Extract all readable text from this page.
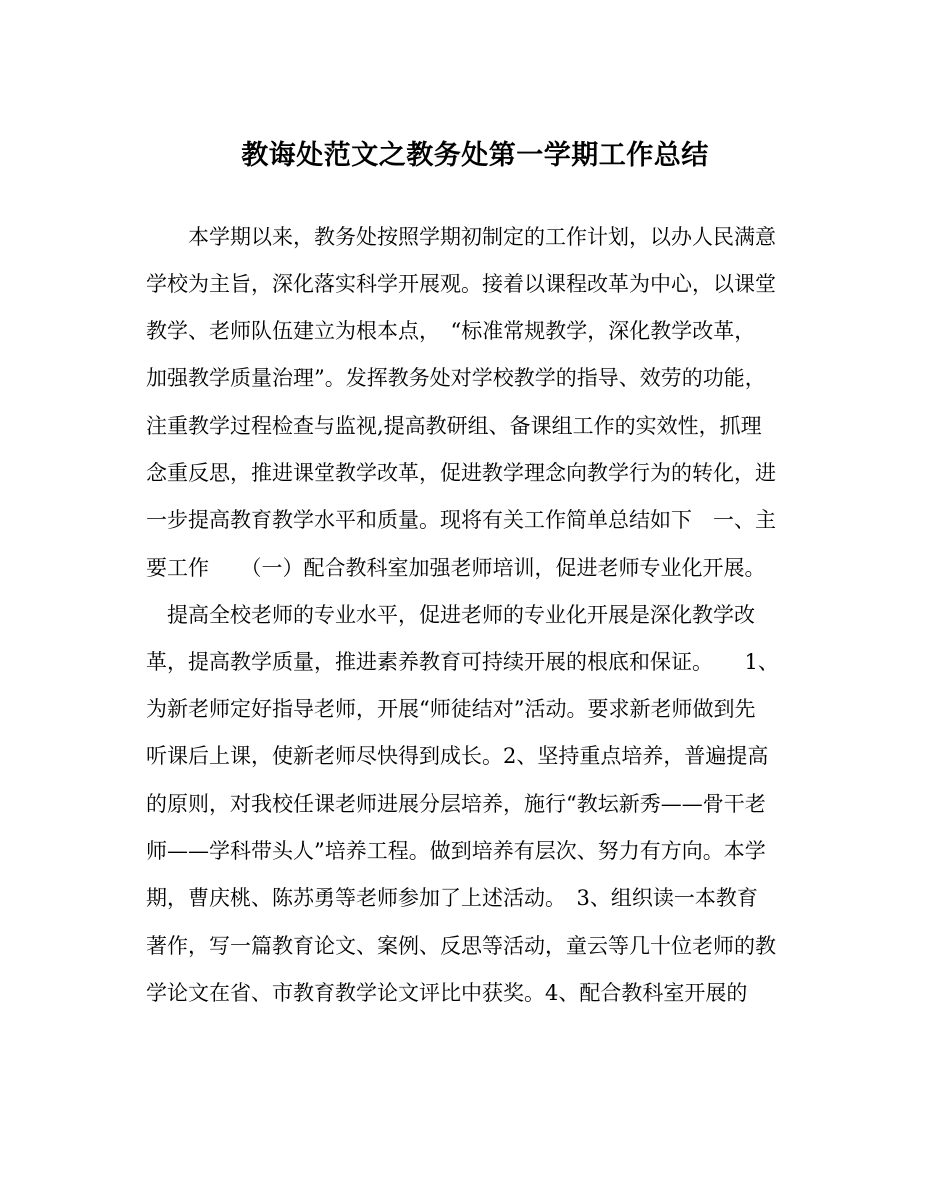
教诲处范文之教务处第一学期工作总结
　　本学期以来，教务处按照学期初制定的工作计划，以办人民满意
学校为主旨，深化落实科学开展观。接着以课程改革为中心，以课堂
教学、老师队伍建立为根本点，　“标准常规教学，深化教学改革，
加强教学质量治理”。发挥教务处对学校教学的指导、效劳的功能，
注重教学过程检查与监视,提高教研组、备课组工作的实效性，抓理
念重反思，推进课堂教学改革，促进教学理念向教学行为的转化，进
一步提高教育教学水平和质量。现将有关工作简单总结如下　一、主
要工作　　（一）配合教科室加强老师培训，促进老师专业化开展。
　提高全校老师的专业水平，促进老师的专业化开展是深化教学改
革，提高教学质量，推进素养教育可持续开展的根底和保证。　　1、
为新老师定好指导老师，开展“师徒结对”活动。要求新老师做到先
听课后上课，使新老师尽快得到成长。2、坚持重点培养，普遍提高
的原则，对我校任课老师进展分层培养，施行“教坛新秀——骨干老
师——学科带头人”培养工程。做到培养有层次、努力有方向。本学
期，曹庆桃、陈苏勇等老师参加了上述活动。　3、组织读一本教育
著作，写一篇教育论文、案例、反思等活动，童云等几十位老师的教
学论文在省、市教育教学论文评比中获奖。4、配合教科室开展的
